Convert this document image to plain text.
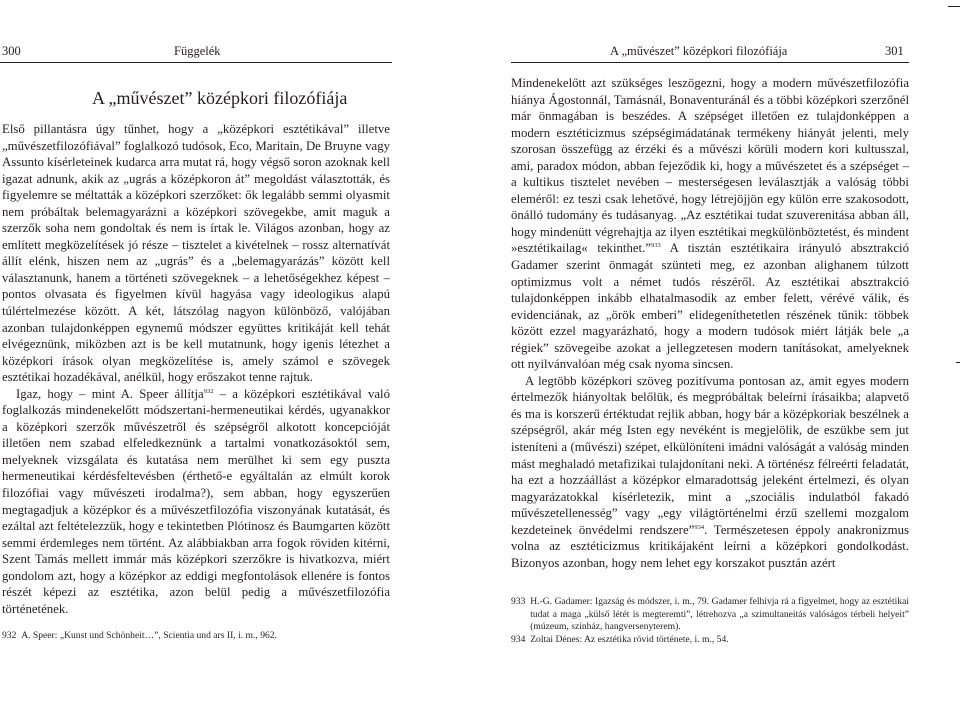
300	Függelék
A „művészet” középkori filozófiája

Első pillantásra úgy tűnhet, hogy a „középkori esztétikával” illetve „művészetfilozófiával” foglalkozó tudósok, Eco, Maritain, De Bruyne vagy Assunto kísérleteinek kudarca arra mutat rá, hogy végső soron azoknak kell igazat adnunk, akik az „ugrás a középkoron át” megoldást választották, és figyelemre se méltatták a középkori szerzőket: ők legalább semmi olyasmit nem próbáltak belemagyarázni a középkori szövegekbe, amit maguk a szerzők soha nem gondoltak és nem is írtak le. Világos azonban, hogy az említett megközelítések jó része – tisztelet a kivételnek – rossz alternatívát állít elénk, hiszen nem az „ugrás” és a „belemagyarázás” között kell választanunk, hanem a történeti szövegeknek – a lehetőségekhez képest – pontos olvasata és figyelmen kívül hagyása vagy ideologikus alapú túlértelmezése között. A két, látszólag nagyon különböző, valójában azonban tulajdonképpen egynemű módszer együttes kritikáját kell tehát elvégeznünk, miközben azt is be kell mutatnunk, hogy igenis létezhet a középkori írások olyan megközelítése is, amely számol e szövegek esztétikai hozadékával, anélkül, hogy erőszakot tenne rajtuk.

Igaz, hogy – mint A. Speer állítja$^{932}$ – a középkori esztétikával való foglalkozás mindenekelőtt módszertani-hermeneutikai kérdés, ugyanakkor a középkori szerzők művészetről és szépségről alkotott koncepcióját illetően nem szabad elfeledkeznünk a tartalmi vonatkozásoktól sem, melyeknek vizsgálata és kutatása nem merülhet ki sem egy puszta hermeneutikai kérdésfeltevésben (érthető-e egyáltalán az elmúlt korok filozófiai vagy művészeti irodalma?), sem abban, hogy egyszerűen megtagadjuk a középkor és a művészetfilozófia viszonyának kutatását, és ezáltal azt feltételezzük, hogy e tekintetben Plótinosz és Baumgarten között semmi érdemleges nem történt. Az alábbiakban arra fogok röviden kitérni, Szent Tamás mellett immár más középkori szerzőkre is hivatkozva, miért gondolom azt, hogy a középkor az eddigi megfontolások ellenére is fontos részét képezi az esztétika, azon belül pedig a művészetfilozófia történetének.

932
A. Speer: „Kunst und Schönheit…”, Scientia und ars II, i. m., 962.
A „művészet” középkori filozófiája	301

Mindenekelőtt azt szükséges leszögezni, hogy a modern művészetfilozófia hiánya Ágostonnál, Tamásnál, Bonaventuránál és a többi középkori szerzőnél már önmagában is beszédes. A szépséget illetően ez tulajdonképpen a modern esztéticizmus szépségimádatának termékeny hiányát jelenti, mely szorosan összefügg az érzéki és a művészi körüli modern kori kultusszal, ami, paradox módon, abban fejeződik ki, hogy a művészetet és a szépséget – a kultikus tisztelet nevében – mesterségesen leválasztják a valóság többi eleméről: ez teszi csak lehetővé, hogy létrejöjjön egy külön erre szakosodott, önálló tudomány és tudásanyag. „Az esztétikai tudat szuverenitása abban áll, hogy mindenütt végrehajtja az ilyen esztétikai megkülönböztetést, és mindent »esztétikailag« tekinthet.”$^{933}$ A tisztán esztétikaira irányuló absztrakció Gadamer szerint önmagát szünteti meg, ez azonban alighanem túlzott optimizmus volt a német tudós részéről. Az esztétikai absztrakció tulajdonképpen inkább elhatalmasodik az ember felett, vérévé válik, és evidenciának, az „örök emberi” elidegeníthetetlen részének tűnik: többek között ezzel magyarázható, hogy a modern tudósok miért látják bele „a régiek” szövegeibe azokat a jellegzetesen modern tanításokat, amelyeknek ott nyilvánvalóan még csak nyoma sincsen.

A legtöbb középkori szöveg pozitívuma pontosan az, amit egyes modern értelmezők hiányoltak belőlük, és megpróbáltak beleírni írásaikba; alapvető és ma is korszerű értéktudat rejlik abban, hogy bár a középkoriak beszélnek a szépségről, akár még Isten egy nevéként is megjelölik, de eszükbe sem jut isteníteni a (művészi) szépet, elkülöníteni imádni valóságát a valóság minden mást meghaladó metafizikai tulajdonítani neki. A történész félreérti feladatát, ha ezt a hozzáállást a középkor elmaradottság jeleként értelmezi, és olyan magyarázatokkal kísérletezik, mint a „szociális indulatból fakadó művészetellenesség” vagy „egy világtörténelmi érzű szellemi mozgalom kezdeteinek önvédelmi rendszere”$^{934}$. Természetesen éppoly anakronizmus volna az esztéticizmus kritikájaként leírni a középkori gondolkodást. Bizonyos azonban, hogy nem lehet egy korszakot pusztán azért

933
H.-G. Gadamer: Igazság és módszer, i. m., 79. Gadamer felhívja rá a figyelmet, hogy az esztétikai tudat a maga „külső létét is megteremti”, létrehozva „a szimultaneitás valóságos térbeli helyeit” (múzeum, színház, hangversenyterem).
934
Zoltai Dénes: Az esztétika rövid története, i. m., 54.
